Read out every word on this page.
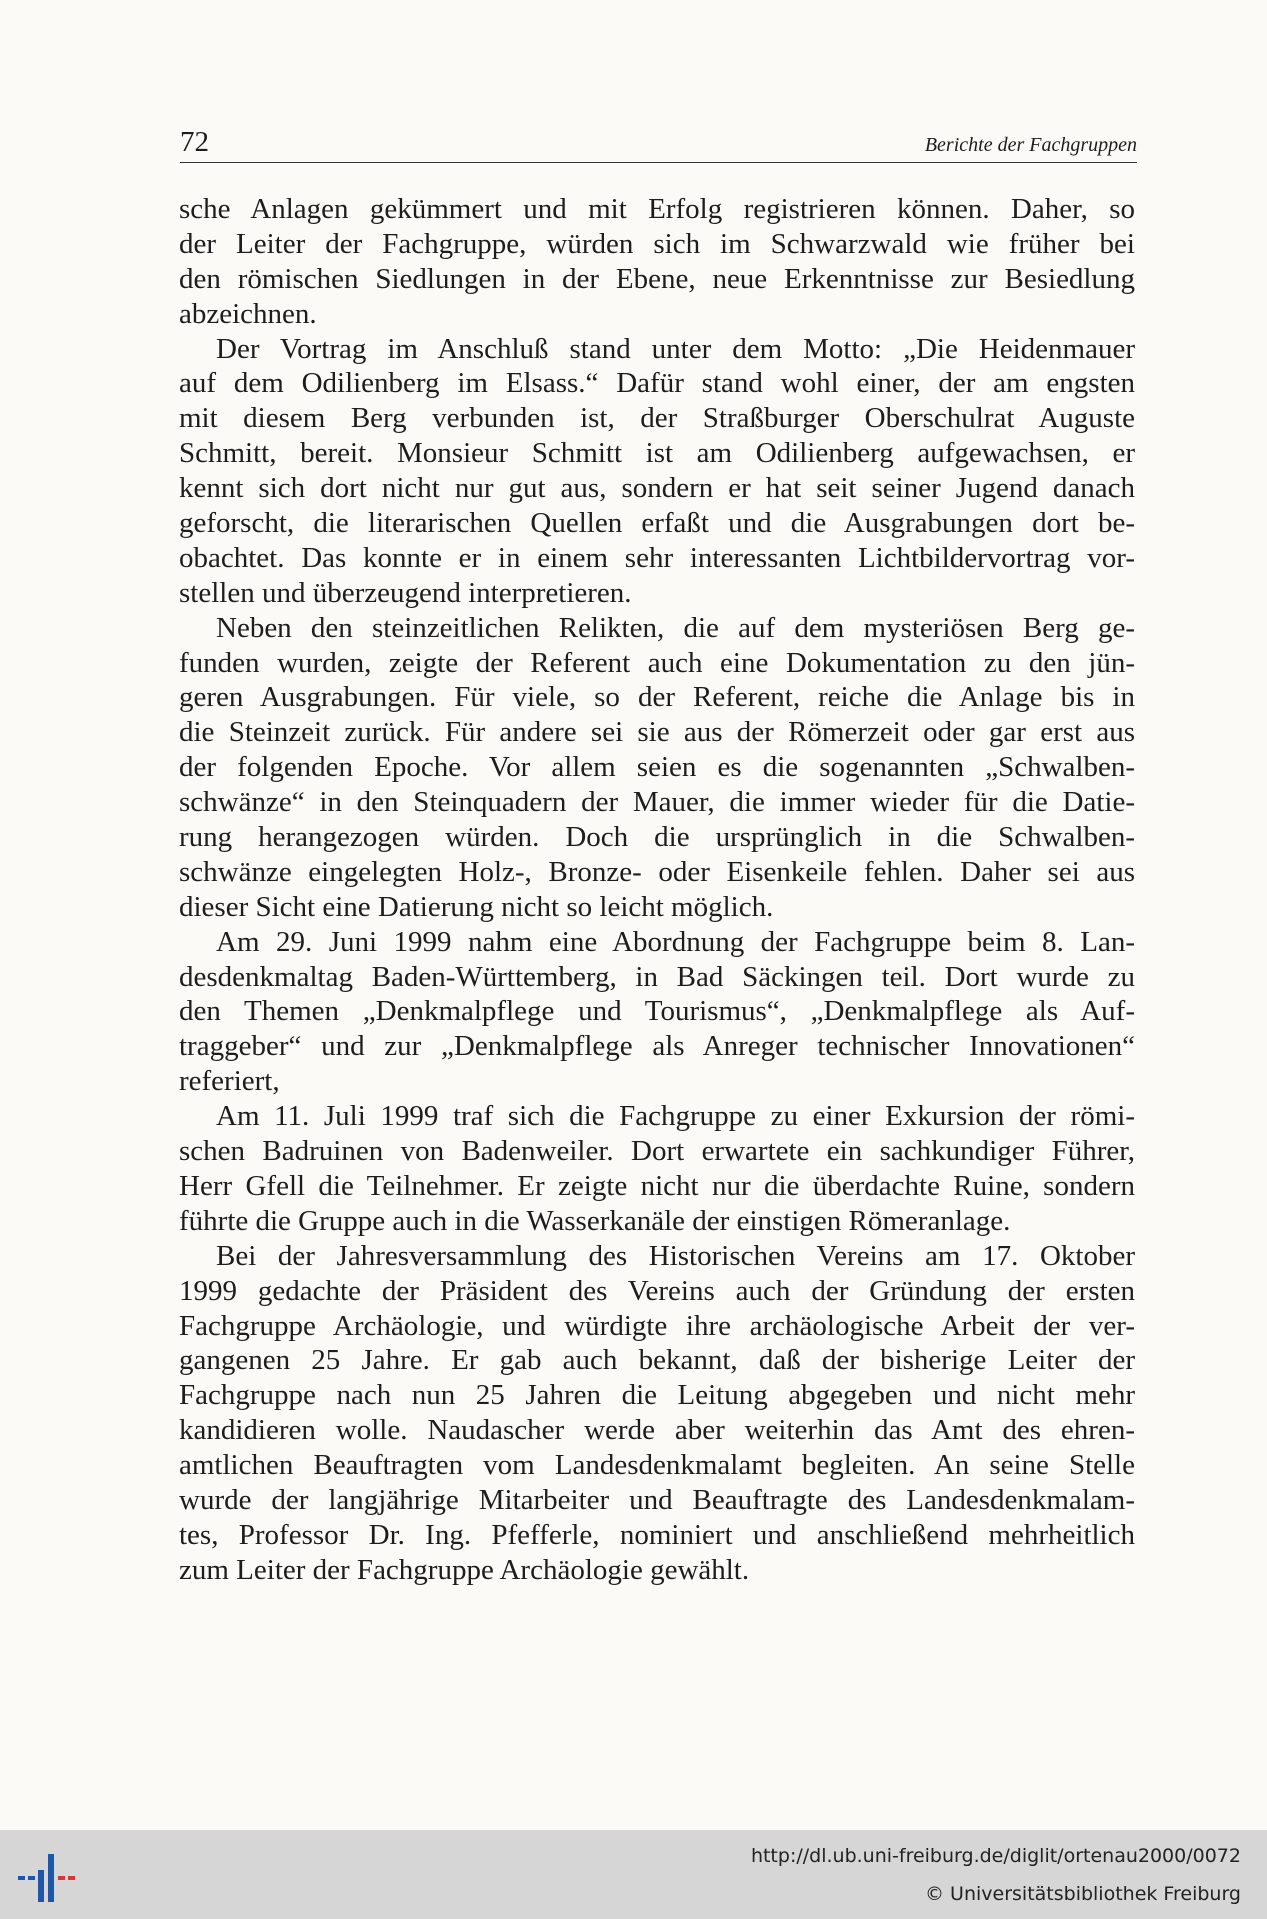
72	Berichte der Fachgruppen
sche Anlagen gekümmert und mit Erfolg registrieren können. Daher, so
der Leiter der Fachgruppe, würden sich im Schwarzwald wie früher bei
den römischen Siedlungen in der Ebene, neue Erkenntnisse zur Besiedlung
abzeichnen.
Der Vortrag im Anschluß stand unter dem Motto: „Die Heidenmauer
auf dem Odilienberg im Elsass.“ Dafür stand wohl einer, der am engsten
mit diesem Berg verbunden ist, der Straßburger Oberschulrat Auguste
Schmitt, bereit. Monsieur Schmitt ist am Odilienberg aufgewachsen, er
kennt sich dort nicht nur gut aus, sondern er hat seit seiner Jugend danach
geforscht, die literarischen Quellen erfaßt und die Ausgrabungen dort be-
obachtet. Das konnte er in einem sehr interessanten Lichtbildervortrag vor-
stellen und überzeugend interpretieren.
Neben den steinzeitlichen Relikten, die auf dem mysteriösen Berg ge-
funden wurden, zeigte der Referent auch eine Dokumentation zu den jün-
geren Ausgrabungen. Für viele, so der Referent, reiche die Anlage bis in
die Steinzeit zurück. Für andere sei sie aus der Römerzeit oder gar erst aus
der folgenden Epoche. Vor allem seien es die sogenannten „Schwalben-
schwänze“ in den Steinquadern der Mauer, die immer wieder für die Datie-
rung herangezogen würden. Doch die ursprünglich in die Schwalben-
schwänze eingelegten Holz-, Bronze- oder Eisenkeile fehlen. Daher sei aus
dieser Sicht eine Datierung nicht so leicht möglich.
Am 29. Juni 1999 nahm eine Abordnung der Fachgruppe beim 8. Lan-
desdenkmaltag Baden-Württemberg, in Bad Säckingen teil. Dort wurde zu
den Themen „Denkmalpflege und Tourismus“, „Denkmalpflege als Auf-
traggeber“ und zur „Denkmalpflege als Anreger technischer Innovationen“
referiert,
Am 11. Juli 1999 traf sich die Fachgruppe zu einer Exkursion der römi-
schen Badruinen von Badenweiler. Dort erwartete ein sachkundiger Führer,
Herr Gfell die Teilnehmer. Er zeigte nicht nur die überdachte Ruine, sondern
führte die Gruppe auch in die Wasserkanäle der einstigen Römeranlage.
Bei der Jahresversammlung des Historischen Vereins am 17. Oktober
1999 gedachte der Präsident des Vereins auch der Gründung der ersten
Fachgruppe Archäologie, und würdigte ihre archäologische Arbeit der ver-
gangenen 25 Jahre. Er gab auch bekannt, daß der bisherige Leiter der
Fachgruppe nach nun 25 Jahren die Leitung abgegeben und nicht mehr
kandidieren wolle. Naudascher werde aber weiterhin das Amt des ehren-
amtlichen Beauftragten vom Landesdenkmalamt begleiten. An seine Stelle
wurde der langjährige Mitarbeiter und Beauftragte des Landesdenkmalam-
tes, Professor Dr. Ing. Pfefferle, nominiert und anschließend mehrheitlich
zum Leiter der Fachgruppe Archäologie gewählt.
http://dl.ub.uni-freiburg.de/diglit/ortenau2000/0072
© Universitätsbibliothek Freiburg
